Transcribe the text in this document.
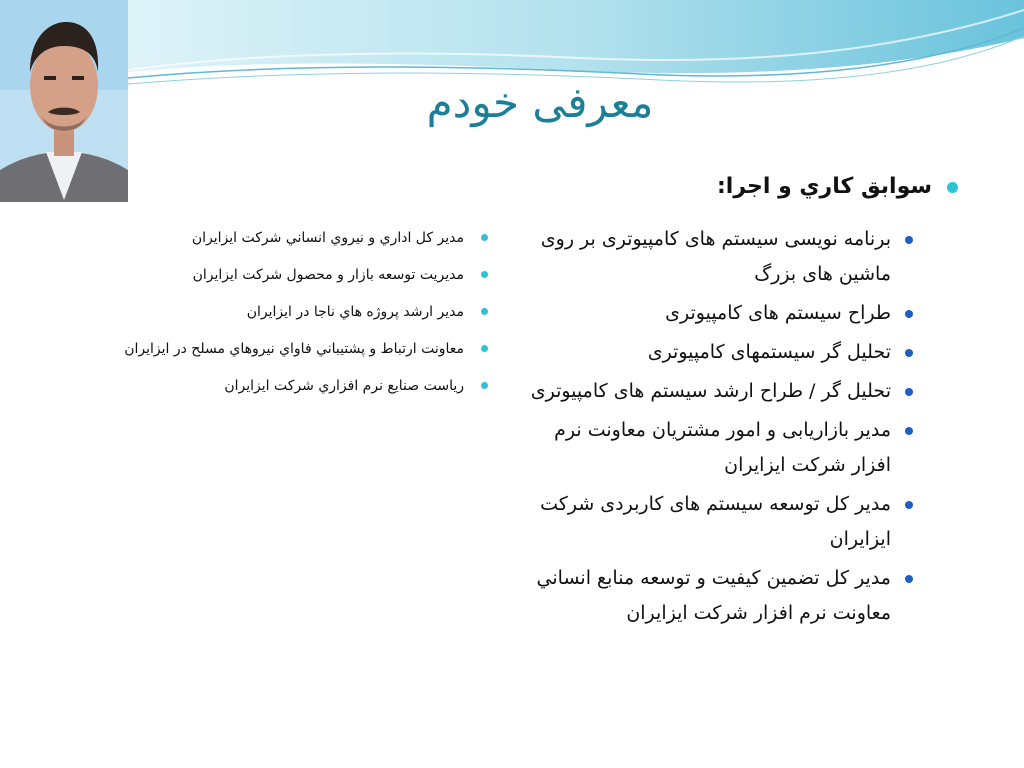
معرفی خودم
سوابق كاري و اجرا:
برنامه نویسی سیستم های کامپیوتری بر روی ماشین های بزرگ
طراح سیستم های کامپیوتری
تحلیل گر سیستمهای کامپیوتری
تحلیل گر / طراح ارشد سیستم های کامپیوتری
مدیر بازاریابی و امور مشتریان معاونت نرم افزار شرکت ایزایران
مدیر کل توسعه سیستم های کاربردی شرکت ایزایران
مدیر کل تضمین کیفیت و توسعه منابع انساني معاونت نرم افزار شرکت ایزایران
مدير كل اداري و نيروي انساني شركت ايزايران
مديريت توسعه بازار و محصول شركت ايزايران
مدير ارشد پروژه هاي ناجا در ايزايران
معاونت ارتباط و پشتيباني فاواي نيروهاي مسلح در ايزايران
رياست صنايع نرم افزاري شركت ايزايران
